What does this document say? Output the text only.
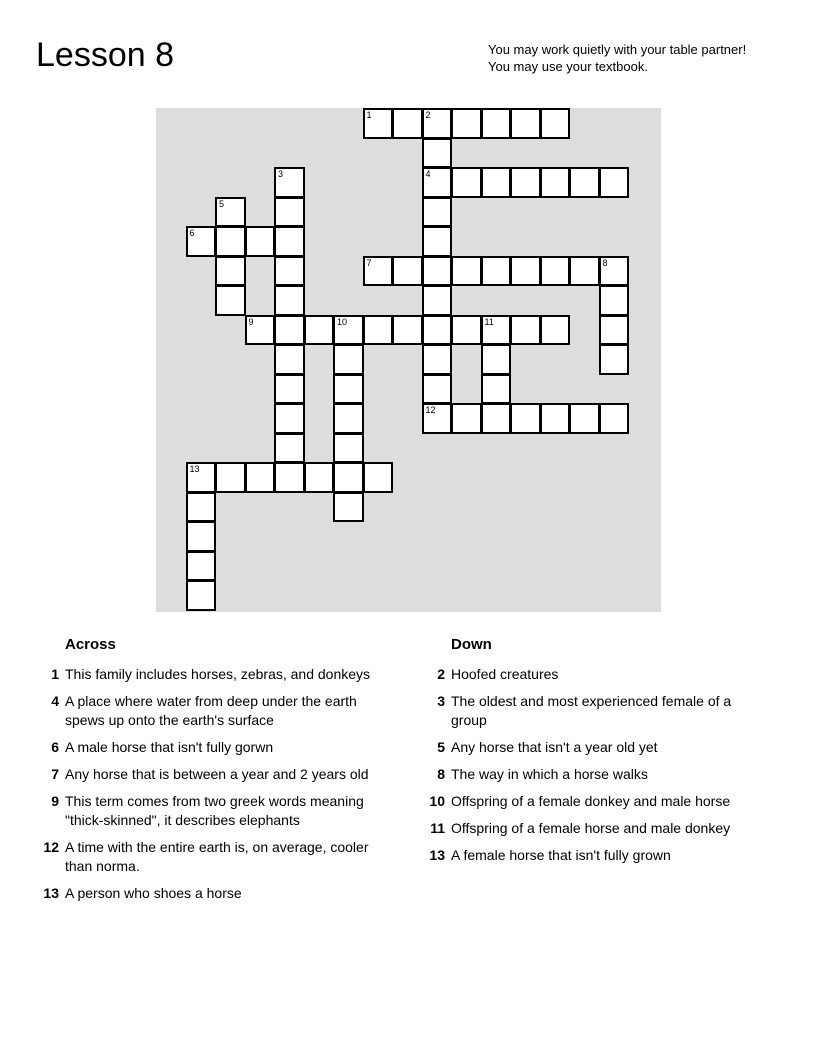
Lesson 8	You may work quietly with your table partner!
You may use your textbook.
1	2
4
3
5
6
7	8
9	10	11
12
13
Across
1 This family includes horses, zebras, and donkeys
4 A place where water from deep under the earth spews up onto the earth's surface
6 A male horse that isn't fully gorwn
7 Any horse that is between a year and 2 years old
9 This term comes from two greek words meaning "thick-skinned", it describes elephants
12 A time with the entire earth is, on average, cooler than norma.
13 A person who shoes a horse
Down
2 Hoofed creatures
3 The oldest and most experienced female of a group
5 Any horse that isn't a year old yet
8 The way in which a horse walks
10 Offspring of a female donkey and male horse
11 Offspring of a female horse and male donkey
13 A female horse that isn't fully grown
